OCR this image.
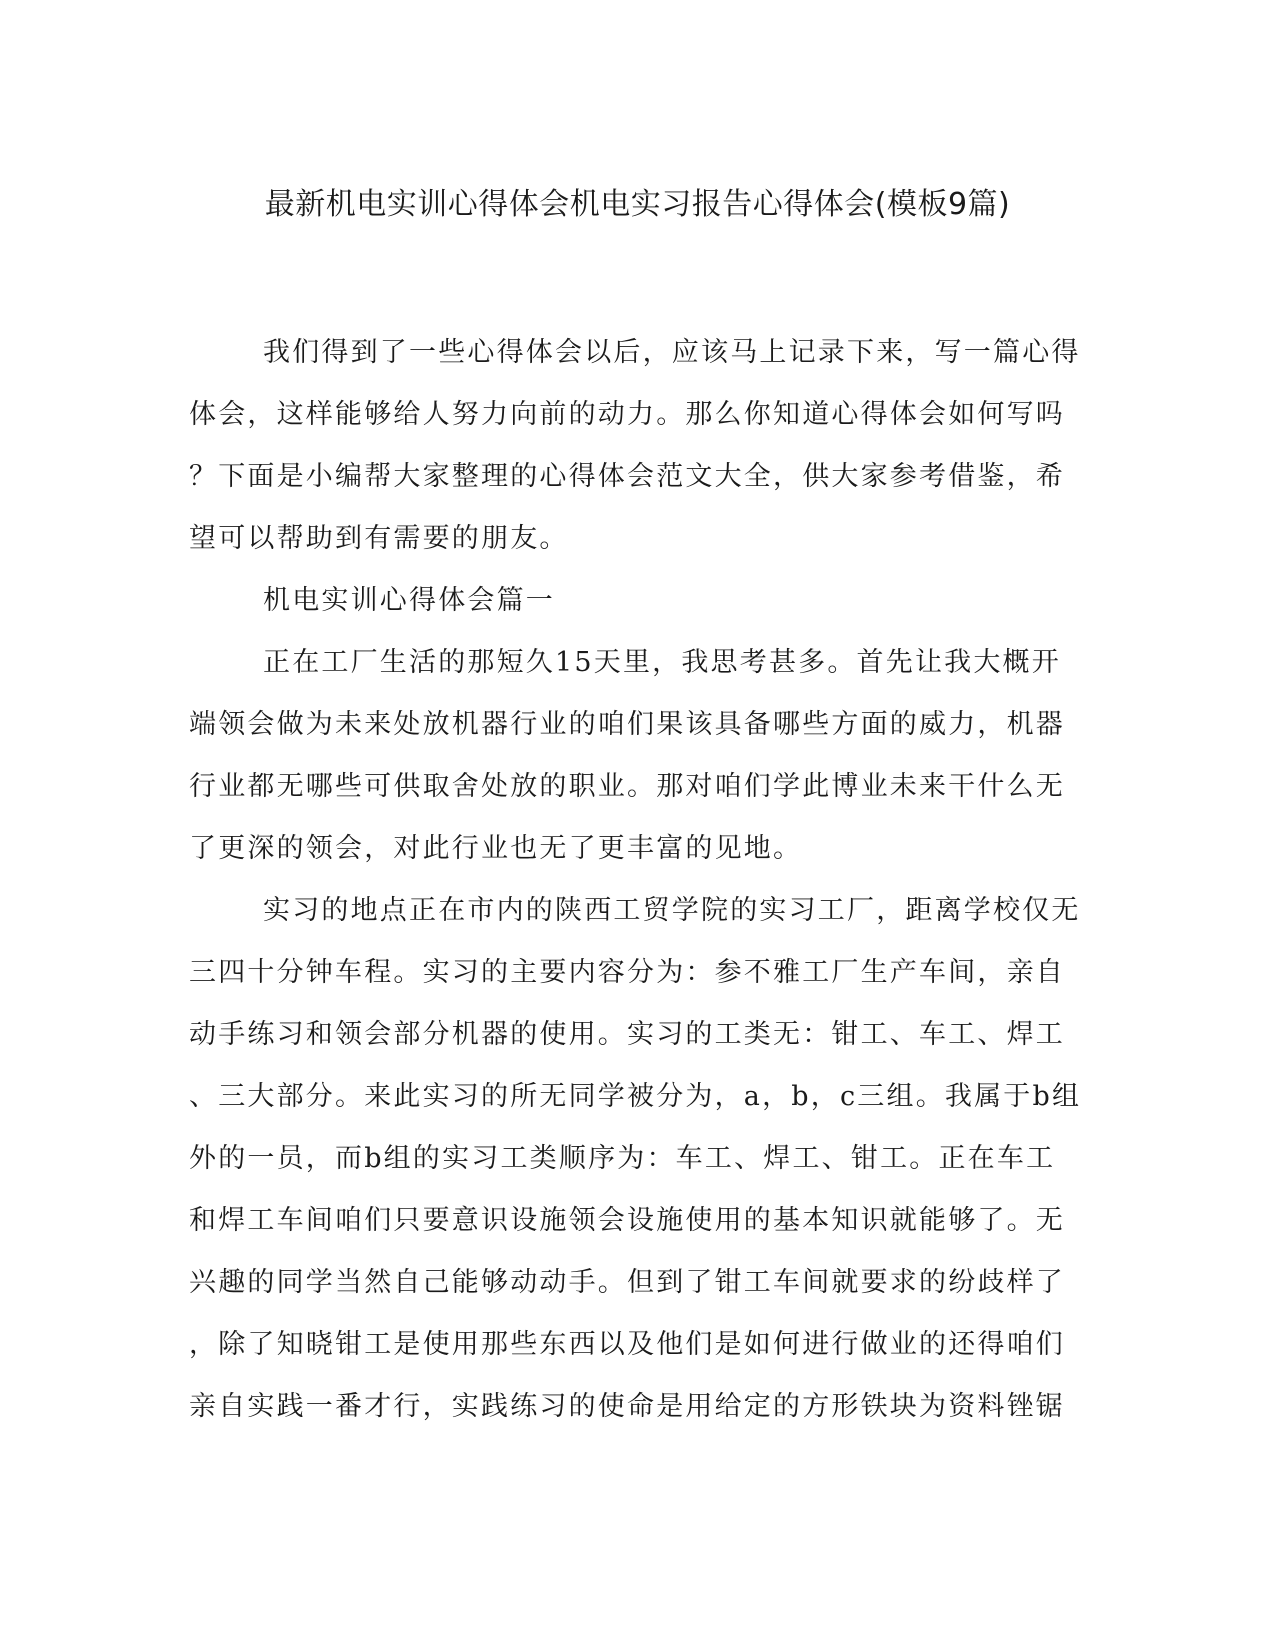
最新机电实训心得体会机电实习报告心得体会(模板9篇)

我们得到了一些心得体会以后，应该马上记录下来，写一篇心得
体会，这样能够给人努力向前的动力。那么你知道心得体会如何写吗
？下面是小编帮大家整理的心得体会范文大全，供大家参考借鉴，希
望可以帮助到有需要的朋友。

机电实训心得体会篇一

正在工厂生活的那短久15天里，我思考甚多。首先让我大概开
端领会做为未来处放机器行业的咱们果该具备哪些方面的威力，机器
行业都无哪些可供取舍处放的职业。那对咱们学此博业未来干什么无
了更深的领会，对此行业也无了更丰富的见地。

实习的地点正在市内的陕西工贸学院的实习工厂，距离学校仅无
三四十分钟车程。实习的主要内容分为：参不雅工厂生产车间，亲自
动手练习和领会部分机器的使用。实习的工类无：钳工、车工、焊工
、三大部分。来此实习的所无同学被分为，a，b，c三组。我属于b组
外的一员，而b组的实习工类顺序为：车工、焊工、钳工。正在车工
和焊工车间咱们只要意识设施领会设施使用的基本知识就能够了。无
兴趣的同学当然自己能够动动手。但到了钳工车间就要求的纷歧样了
，除了知晓钳工是使用那些东西以及他们是如何进行做业的还得咱们
亲自实践一番才行，实践练习的使命是用给定的方形铁块为资料锉锯
